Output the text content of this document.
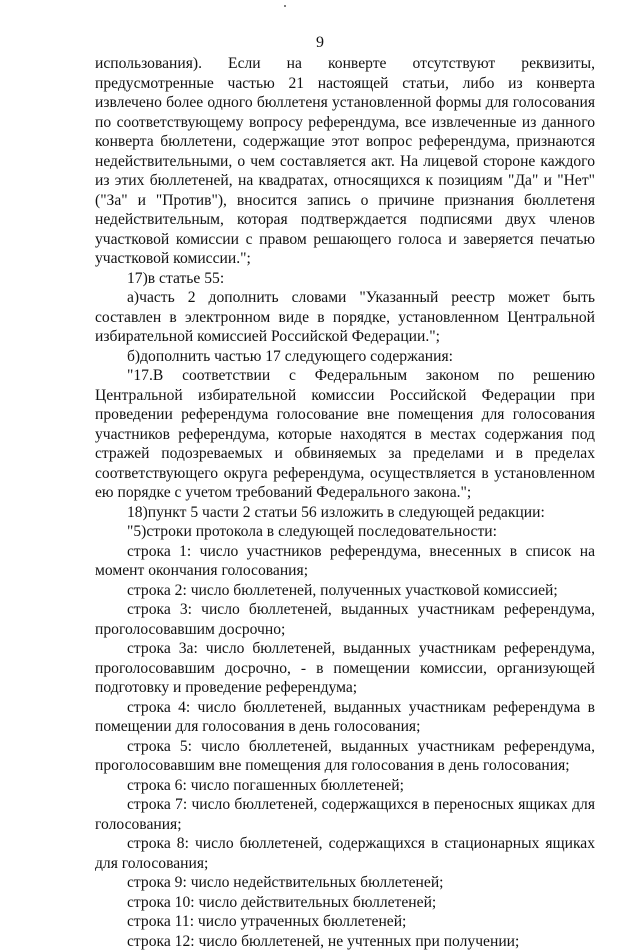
9

использования). Если на конверте отсутствуют реквизиты, предусмотренные частью 21 настоящей статьи, либо из конверта извлечено более одного бюллетеня установленной формы для голосования по соответствующему вопросу референдума, все извлеченные из данного конверта бюллетени, содержащие этот вопрос референдума, признаются недействительными, о чем составляется акт. На лицевой стороне каждого из этих бюллетеней, на квадратах, относящихся к позициям "Да" и "Нет" ("За" и "Против"), вносится запись о причине признания бюллетеня недействительным, которая подтверждается подписями двух членов участковой комиссии с правом решающего голоса и заверяется печатью участковой комиссии.";

17)в статье 55:

а)часть 2 дополнить словами "Указанный реестр может быть составлен в электронном виде в порядке, установленном Центральной избирательной комиссией Российской Федерации.";

б)дополнить частью 17 следующего содержания:

"17.В соответствии с Федеральным законом по решению Центральной избирательной комиссии Российской Федерации при проведении референдума голосование вне помещения для голосования участников референдума, которые находятся в местах содержания под стражей подозреваемых и обвиняемых за пределами и в пределах соответствующего округа референдума, осуществляется в установленном ею порядке с учетом требований Федерального закона.";

18)пункт 5 части 2 статьи 56 изложить в следующей редакции:

"5)строки протокола в следующей последовательности:

строка 1: число участников референдума, внесенных в список на момент окончания голосования;

строка 2: число бюллетеней, полученных участковой комиссией;

строка 3: число бюллетеней, выданных участникам референдума, проголосовавшим досрочно;

строка 3а: число бюллетеней, выданных участникам референдума, проголосовавшим досрочно, - в помещении комиссии, организующей подготовку и проведение референдума;

строка 4: число бюллетеней, выданных участникам референдума в помещении для голосования в день голосования;

строка 5: число бюллетеней, выданных участникам референдума, проголосовавшим вне помещения для голосования в день голосования;

строка 6: число погашенных бюллетеней;

строка 7: число бюллетеней, содержащихся в переносных ящиках для голосования;

строка 8: число бюллетеней, содержащихся в стационарных ящиках для голосования;

строка 9: число недействительных бюллетеней;

строка 10: число действительных бюллетеней;

строка 11: число утраченных бюллетеней;

строка 12: число бюллетеней, не учтенных при получении;
